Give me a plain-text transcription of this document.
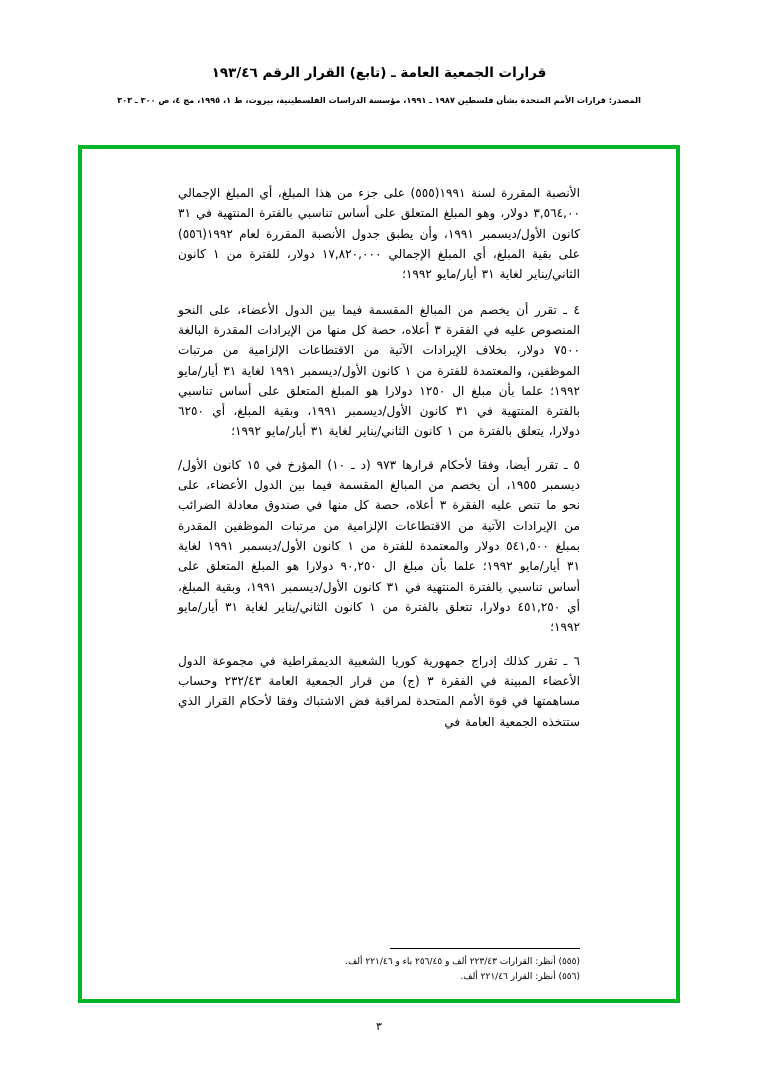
قرارات الجمعية العامة ـ (تابع) القرار الرقم ١٩٣/٤٦
المصدر: قرارات الأمم المتحدة بشأن فلسطين ١٩٨٧ ـ ١٩٩١، مؤسسة الدراسات الفلسطينية، بيروت، ط ١، ١٩٩٥، مج ٤، ص ٣٠٠ ـ ٣٠٣

الأنصبة المقررة لسنة ١٩٩١(٥٥٥) على جزء من هذا المبلغ، أي المبلغ الإجمالي ٣,٥٦٤,٠٠ دولار، وهو المبلغ المتعلق على أساس تناسبي بالفترة المنتهية في ٣١ كانون الأول/ديسمبر ١٩٩١، وأن يطبق جدول الأنصبة المقررة لعام ١٩٩٢(٥٥٦) على بقية المبلغ، أي المبلغ الإجمالي ١٧,٨٢٠,٠٠٠ دولار، للفترة من ١ كانون الثاني/يناير لغاية ٣١ أيار/مايو ١٩٩٢؛

٤ ـ تقرر أن يخصم من المبالغ المقسمة فيما بين الدول الأعضاء، على النحو المنصوص عليه في الفقرة ٣ أعلاه، حصة كل منها من الإيرادات المقدرة البالغة ٧٥٠٠ دولار، بخلاف الإيرادات الآتية من الاقتطاعات الإلزامية من مرتبات الموظفين، والمعتمدة للفترة من ١ كانون الأول/ديسمبر ١٩٩١ لغاية ٣١ أيار/مايو ١٩٩٢؛ علما بأن مبلغ ال ١٢٥٠ دولارا هو المبلغ المتعلق على أساس تناسبي بالفترة المنتهية في ٣١ كانون الأول/ديسمبر ١٩٩١، وبقية المبلغ، أي ٦٢٥٠ دولارا، يتعلق بالفترة من ١ كانون الثاني/يناير لغاية ٣١ أيار/مايو ١٩٩٢؛

٥ ـ تقرر أيضا، وفقا لأحكام قرارها ٩٧٣ (د ـ ١٠) المؤرخ في ١٥ كانون الأول/ديسمبر ١٩٥٥، أن يخصم من المبالغ المقسمة فيما بين الدول الأعضاء، على نحو ما تنص عليه الفقرة ٣ أعلاه، حصة كل منها في صندوق معادلة الضرائب من الإيرادات الآتية من الاقتطاعات الإلزامية من مرتبات الموظفين المقدرة بمبلغ ٥٤١,٥٠٠ دولار والمعتمدة للفترة من ١ كانون الأول/ديسمبر ١٩٩١ لغاية ٣١ أيار/مايو ١٩٩٢؛ علما بأن مبلغ ال ٩٠,٢٥٠ دولارا هو المبلغ المتعلق على أساس تناسبي بالفترة المنتهية في ٣١ كانون الأول/ديسمبر ١٩٩١، وبقية المبلغ، أي ٤٥١,٢٥٠ دولارا، تتعلق بالفترة من ١ كانون الثاني/يناير لغاية ٣١ أيار/مايو ١٩٩٢؛

٦ ـ تقرر كذلك إدراج جمهورية كوريا الشعبية الديمقراطية في مجموعة الدول الأعضاء المبينة في الفقرة ٣ (ج) من قرار الجمعية العامة ٢٣٢/٤٣ وحساب مساهمتها في قوة الأمم المتحدة لمراقبة فض الاشتباك وفقا لأحكام القرار الذي ستتخذه الجمعية العامة في

(٥٥٥) أنظر: القرارات ٢٢٣/٤٣ ألف و ٢٥٦/٤٥ باء و ٢٢١/٤٦ ألف.
(٥٥٦) أنظر: القرار ٢٢١/٤٦ ألف.
٣
